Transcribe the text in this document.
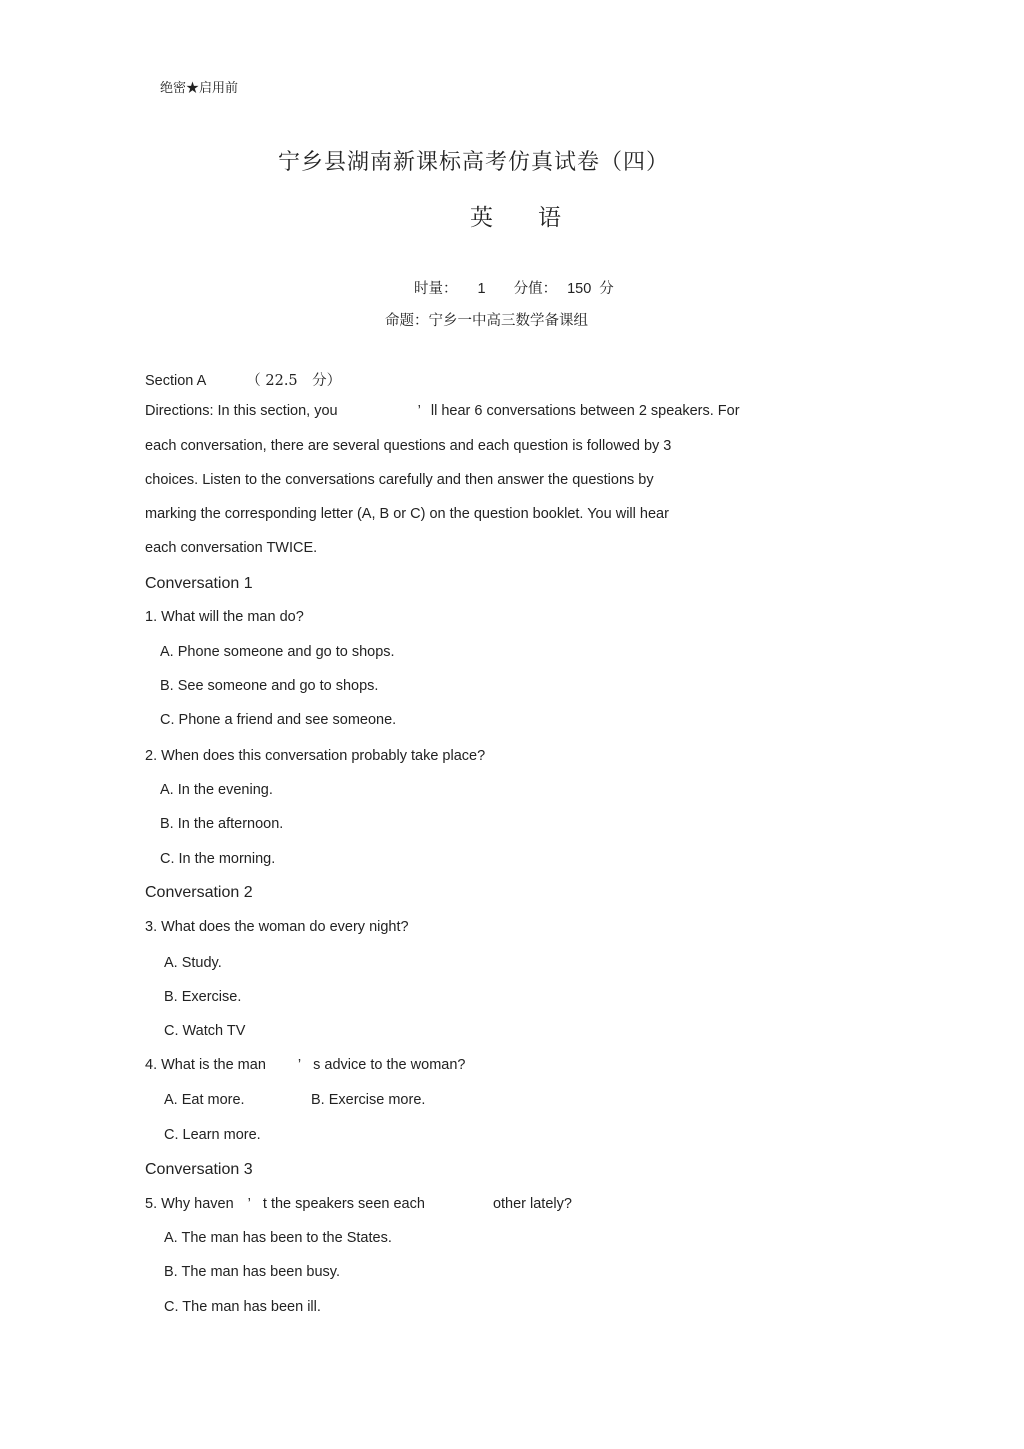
绝密★启用前
宁乡县湖南新课标高考仿真试卷（四）
英 语
时量： 1 分值： 150 分
命题：宁乡一中高三数学备课组
Section A	（ 22.5　分）
Directions: In this section, you	’ ll hear 6 conversations between 2 speakers. For
each conversation, there are several questions and each question is followed by 3
choices. Listen to the conversations carefully and then answer the questions by
marking the corresponding letter (A, B or C) on the question booklet. You will hear
each conversation TWICE.
Conversation 1
1. What will the man do?
A. Phone someone and go to shops.
B. See someone and go to shops.
C. Phone a friend and see someone.
2. When does this conversation probably take place?
A. In the evening.
B. In the afternoon.
C. In the morning.
Conversation 2
3. What does the woman do every night?
A. Study.
B. Exercise.
C. Watch TV
4. What is the man ’ s advice to the woman?
A. Eat more.	B. Exercise more.
C. Learn more.
Conversation 3
5. Why haven ’ t the speakers seen each	other lately?
A. The man has been to the States.
B. The man has been busy.
C. The man has been ill.
